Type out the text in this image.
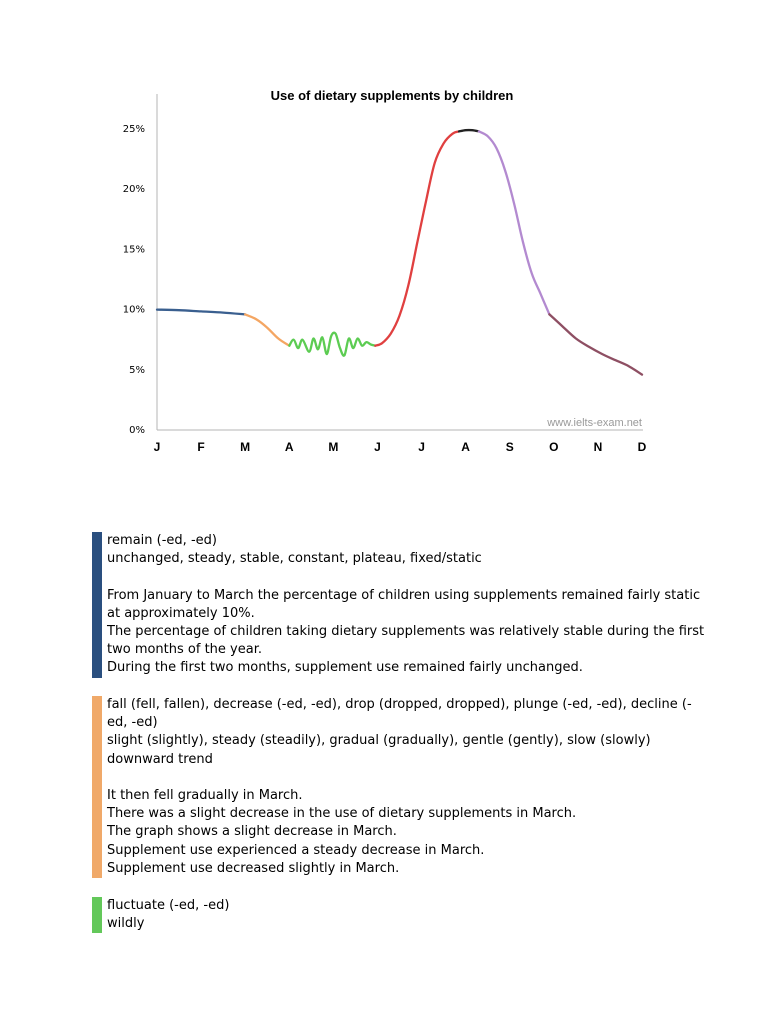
Use of dietary supplements by children
0%
5%
10%
15%
20%
25%
J	F	M	A	M	J	J	A	S	O	N	D
www.ielts-exam.net

remain (-ed, -ed)

unchanged, steady, stable, constant, plateau, fixed/static

From January to March the percentage of children using supplements remained fairly static at approximately 10%.

The percentage of children taking dietary supplements was relatively stable during the first two months of the year.

During the first two months, supplement use remained fairly unchanged.

fall (fell, fallen), decrease (-ed, -ed), drop (dropped, dropped), plunge (-ed, -ed), decline (-ed, -ed)

slight (slightly), steady (steadily), gradual (gradually), gentle (gently), slow (slowly)

downward trend

It then fell gradually in March.

There was a slight decrease in the use of dietary supplements in March.

The graph shows a slight decrease in March.

Supplement use experienced a steady decrease in March.

Supplement use decreased slightly in March.

fluctuate (-ed, -ed)

wildly
